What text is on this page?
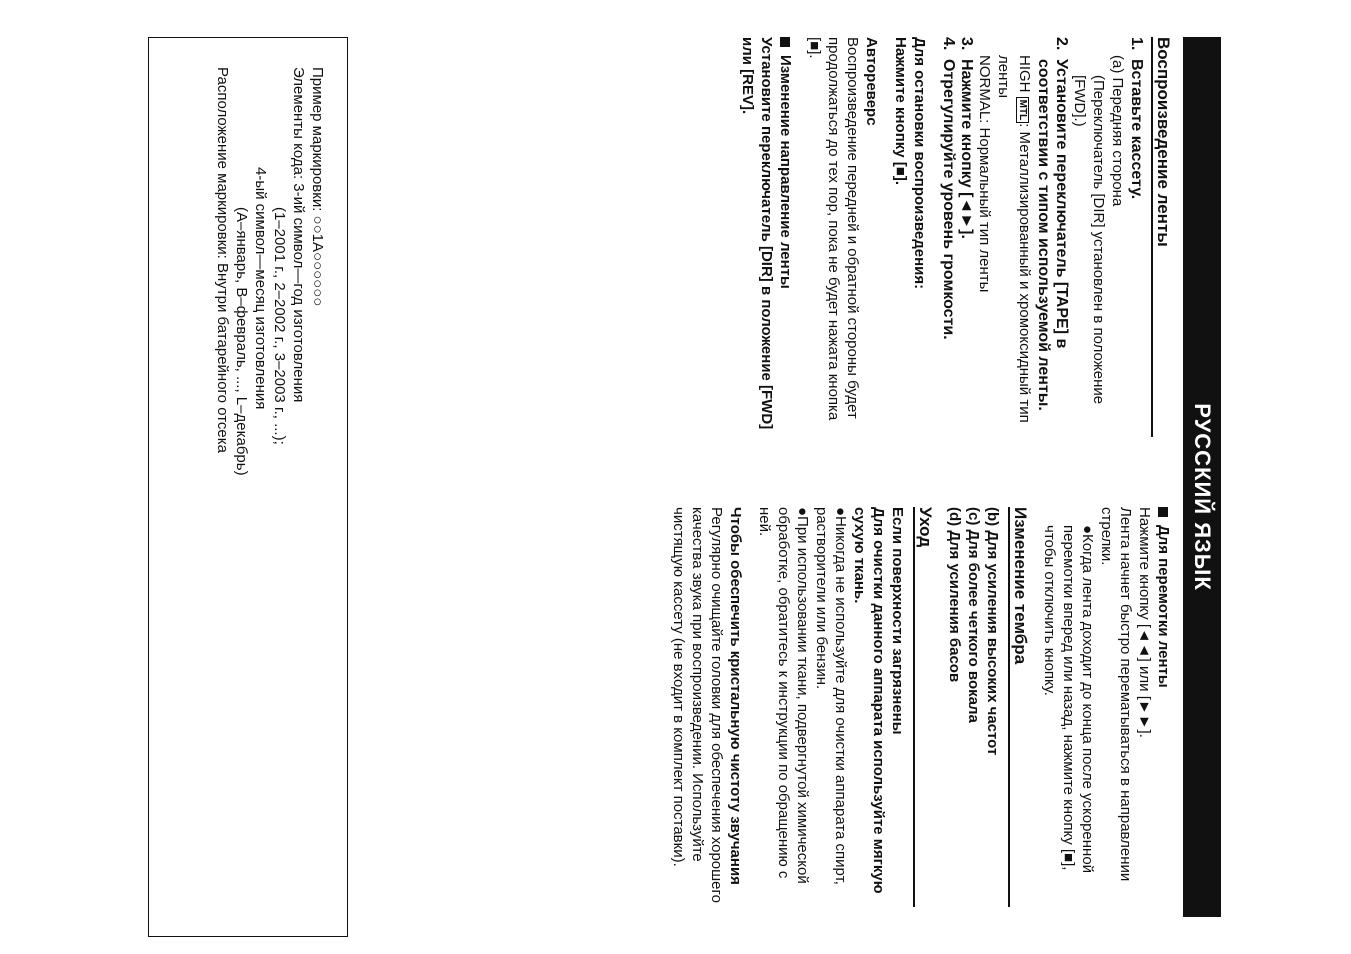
РУССКИЙ ЯЗЫК
Воспроизведение ленты
1.
Вставьте кассету.

(a) Передняя сторона

(Переключатель [DIR] установлен в положение [FWD].)

2.
Установите переключатель [TAPE] в соответствии с типом используемой ленты.

HIGH MTL: Металлизированный и хромоксидный тип ленты

NORMAL: Нормальный тип ленты

3.
Нажмите кнопку [◄►].
4.
Отрегулируйте уровень громкости.

Для остановки воспроизведения:

Нажмите кнопку [■].

Автореверс

Воспроизведение передней и обратной стороны будет продолжаться до тех пор, пока не будет нажата кнопка [■].

Изменение направление ленты

Установите переключатель [DIR] в положение [FWD] или [REV].

Для перемотки ленты

Нажмите кнопку [◄◄] или [►►].

Лента начнет быстро перематываться в направлении стрелки.

●Когда лента доходит до конца после ускоренной перемотки вперед или назад, нажмите кнопку [■], чтобы отключить кнопку.

Изменение тембра

(b) Для усиления высоких частот

(c) Для более четкого вокала

(d) Для усиления басов

Уход

Если поверхности загрязнены

Для очистки данного аппарата используйте мягкую сухую ткань.

●Никогда не используйте для очистки аппарата спирт, растворители или бензин.

●При использовании ткани, подвергнутой химической обработке, обратитесь к инструкции по обращению с ней.

Чтобы обеспечить кристальную чистоту звучания

Регулярно очищайте головки для обеспечения хорошего качества звука при воспроизведении. Используйте чистящую кассету (не входит в комплект поставки).

Пример маркировки: ○○1А○○○○○○

Элементы кода: 3-ий символ—год изготовления

(1–2001 г., 2–2002 г., 3–2003 г., ...);

4-ый символ—месяц изготовления

(А–январь, В–февраль, ..., L–декабрь)

Расположение маркировки: Внутри батарейного отсека
